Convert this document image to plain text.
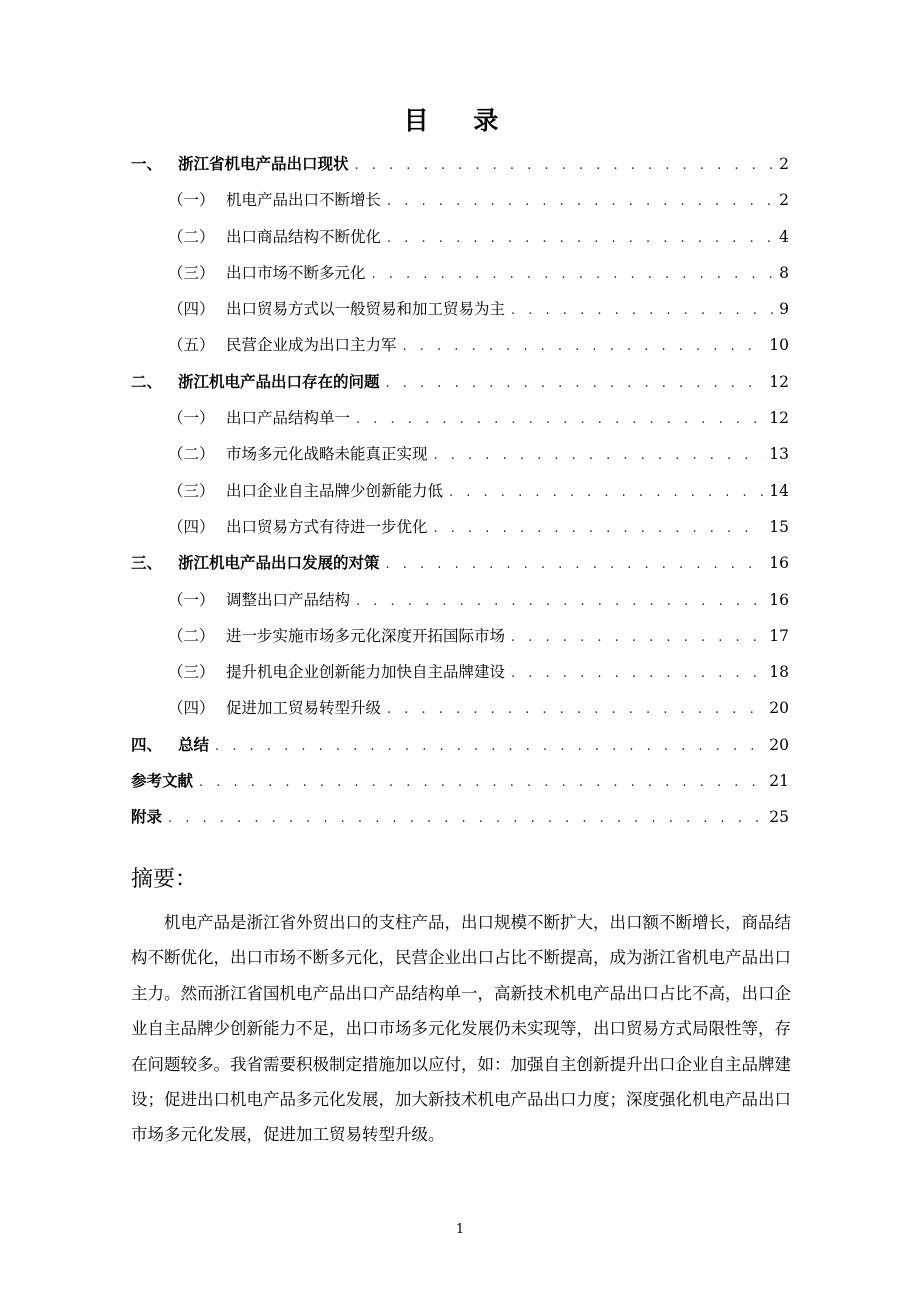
目 录
一、	浙江省机电产品出口现状 . . .	2
（一） 机电产品出口不断增长 . . .	2
（二） 出口商品结构不断优化 . . .	4
（三） 出口市场不断多元化 . . .	8
（四） 出口贸易方式以一般贸易和加工贸易为主 . . .	9
（五） 民营企业成为出口主力军 . . .	10
二、	浙江机电产品出口存在的问题 . . .	12
（一） 出口产品结构单一 . . .	12
（二） 市场多元化战略未能真正实现 . . .	13
（三） 出口企业自主品牌少创新能力低 . . .	14
（四） 出口贸易方式有待进一步优化 . . .	15
三、	浙江机电产品出口发展的对策 . . .	16
（一） 调整出口产品结构 . . .	16
（二） 进一步实施市场多元化深度开拓国际市场 . . .	17
（三） 提升机电企业创新能力加快自主品牌建设 . . .	18
（四） 促进加工贸易转型升级 . . .	20
四、	总结 . . .	20
参考文献 . . .	21
附录 . . .	25
摘要：

机电产品是浙江省外贸出口的支柱产品，出口规模不断扩大，出口额不断增长，商品结构不断优化，出口市场不断多元化，民营企业出口占比不断提高，成为浙江省机电产品出口主力。然而浙江省国机电产品出口产品结构单一，高新技术机电产品出口占比不高，出口企业自主品牌少创新能力不足，出口市场多元化发展仍未实现等，出口贸易方式局限性等，存在问题较多。我省需要积极制定措施加以应付，如：加强自主创新提升出口企业自主品牌建设；促进出口机电产品多元化发展，加大新技术机电产品出口力度；深度强化机电产品出口市场多元化发展，促进加工贸易转型升级。

1
